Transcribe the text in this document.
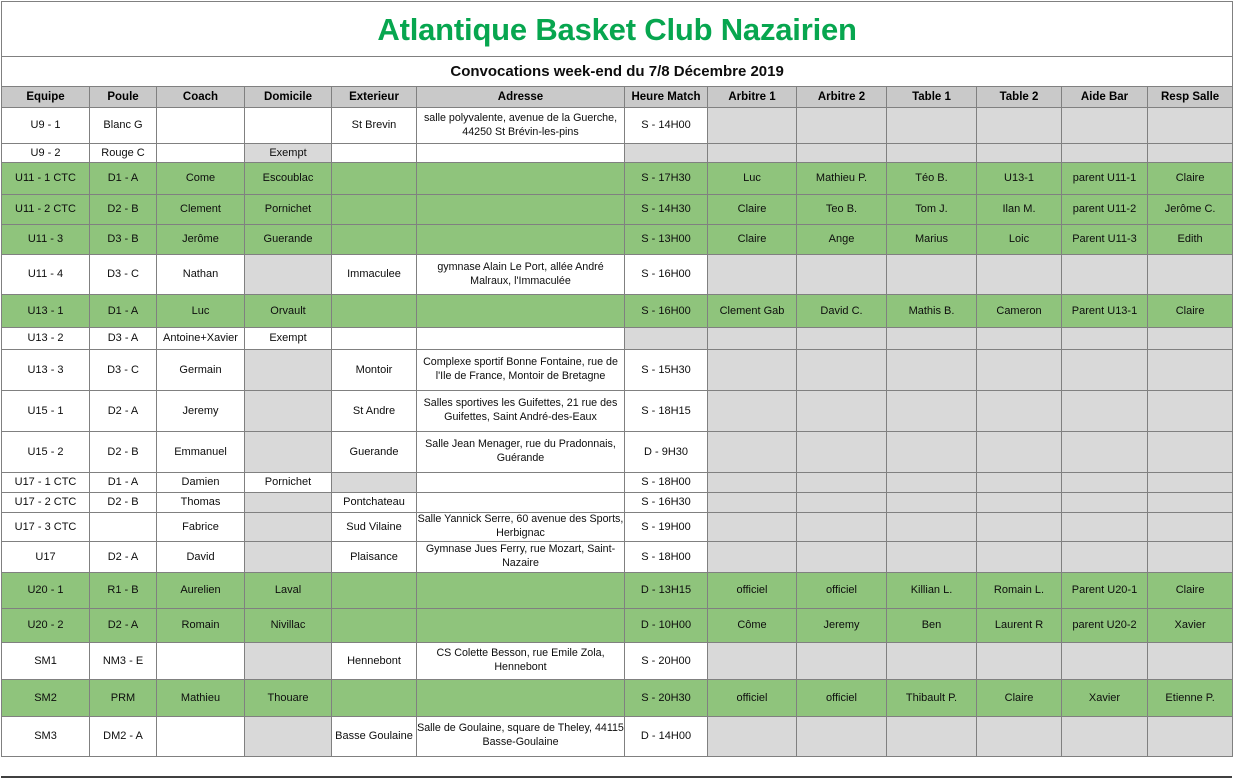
Atlantique Basket Club Nazairien												
Convocations week-end du 7/8 Décembre 2019												
Equipe	Poule	Coach	Domicile	Exterieur	Adresse	Heure Match	Arbitre 1	Arbitre 2	Table 1	Table 2	Aide Bar	Resp Salle
U9 - 1	Blanc G			St Brevin	salle polyvalente, avenue de la Guerche, 44250 St Brévin-les-pins	S - 14H00						
U9 - 2	Rouge C		Exempt									
U11 - 1 CTC	D1 - A	Come	Escoublac			S - 17H30	Luc	Mathieu P.	Téo B.	U13-1	parent U11-1	Claire
U11 - 2 CTC	D2 - B	Clement	Pornichet			S - 14H30	Claire	Teo B.	Tom J.	Ilan M.	parent U11-2	Jerôme C.
U11 - 3	D3 - B	Jerôme	Guerande			S - 13H00	Claire	Ange	Marius	Loic	Parent U11-3	Edith
U11 - 4	D3 - C	Nathan		Immaculee	gymnase Alain Le Port, allée André Malraux, l'Immaculée	S - 16H00						
U13 - 1	D1 - A	Luc	Orvault			S - 16H00	Clement Gab	David C.	Mathis B.	Cameron	Parent U13-1	Claire
U13 - 2	D3 - A	Antoine+Xavier	Exempt									
U13 - 3	D3 - C	Germain		Montoir	Complexe sportif Bonne Fontaine, rue de l'Ile de France, Montoir de Bretagne	S - 15H30						
U15 - 1	D2 - A	Jeremy		St Andre	Salles sportives les Guifettes, 21 rue des Guifettes, Saint André-des-Eaux	S - 18H15						
U15 - 2	D2 - B	Emmanuel		Guerande	Salle Jean Menager, rue du Pradonnais, Guérande	D - 9H30						
U17 - 1 CTC	D1 - A	Damien	Pornichet			S - 18H00						
U17 - 2 CTC	D2 - B	Thomas		Pontchateau		S - 16H30						
U17 - 3 CTC		Fabrice		Sud Vilaine	Salle Yannick Serre, 60 avenue des Sports, Herbignac	S - 19H00						
U17	D2 - A	David		Plaisance	Gymnase Jues Ferry, rue Mozart, Saint-Nazaire	S - 18H00						
U20 - 1	R1 - B	Aurelien	Laval			D - 13H15	officiel	officiel	Killian L.	Romain L.	Parent U20-1	Claire
U20 - 2	D2 - A	Romain	Nivillac			D - 10H00	Côme	Jeremy	Ben	Laurent R	parent U20-2	Xavier
SM1	NM3 - E			Hennebont	CS Colette Besson, rue Emile Zola, Hennebont	S - 20H00						
SM2	PRM	Mathieu	Thouare			S - 20H30	officiel	officiel	Thibault P.	Claire	Xavier	Etienne P.
SM3	DM2 - A			Basse Goulaine	Salle de Goulaine, square de Theley, 44115 Basse-Goulaine	D - 14H00						
